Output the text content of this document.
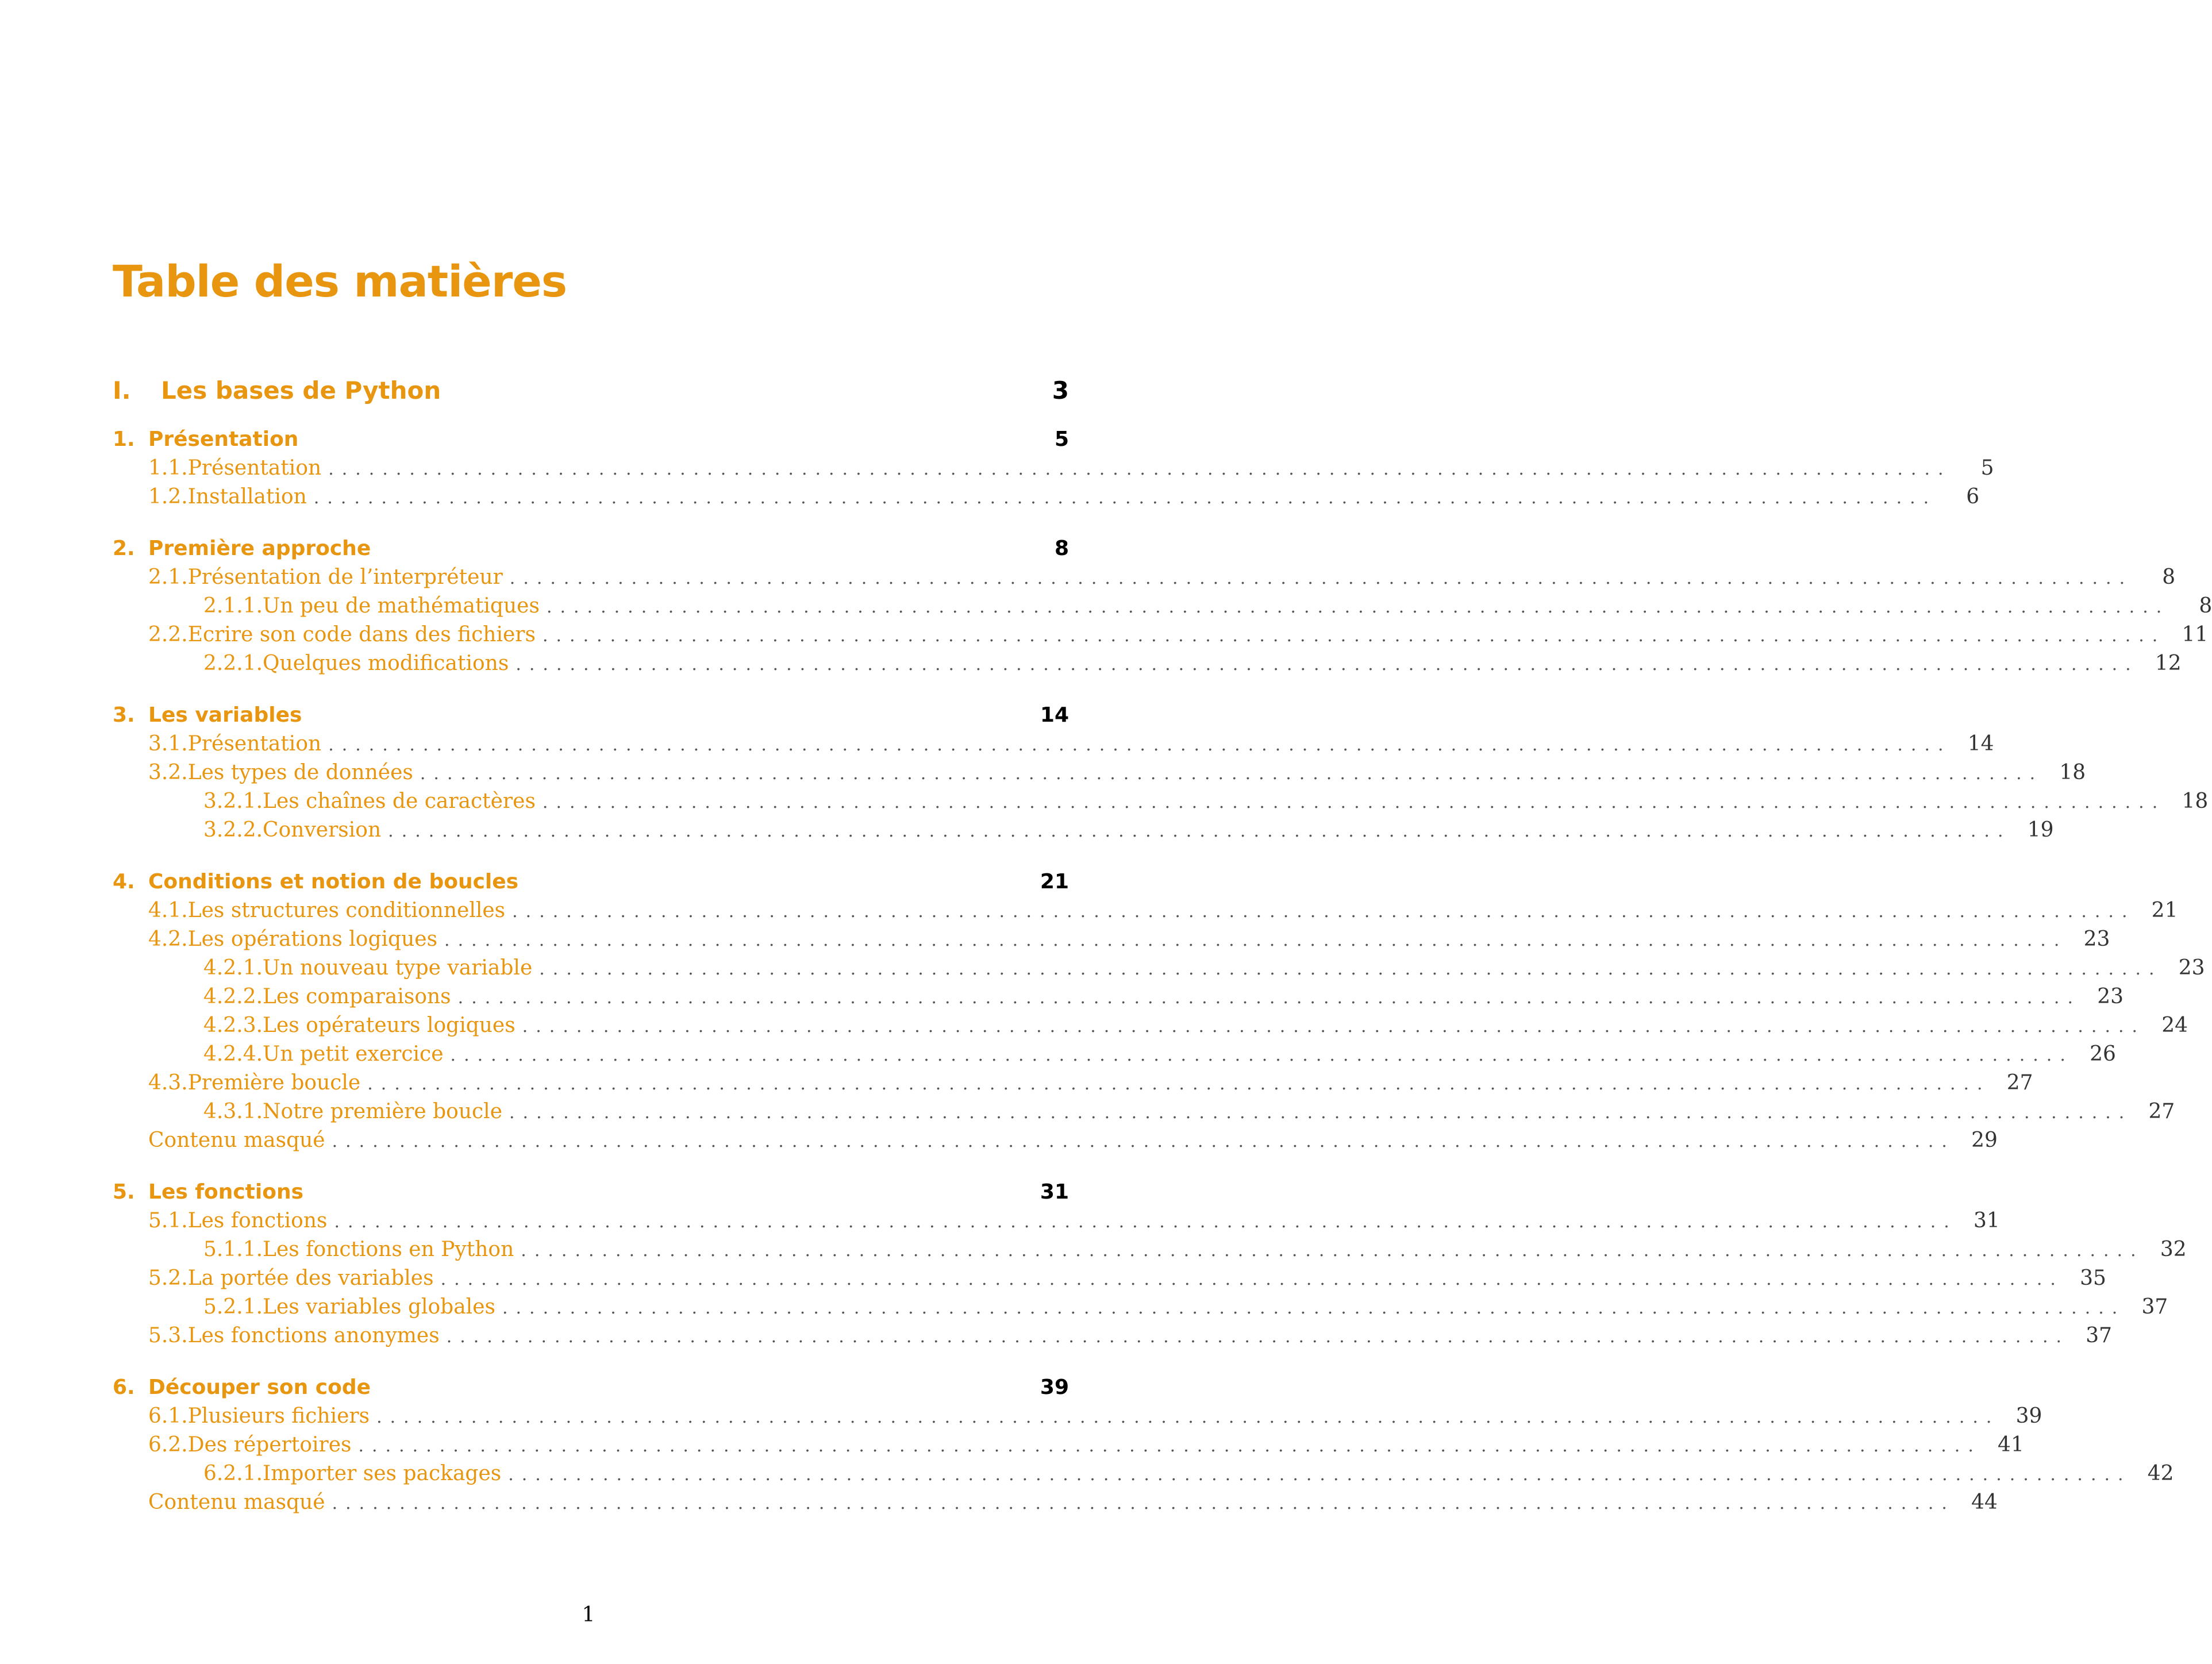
Table des matières
I. Les bases de Python	3
1. Présentation	5
1.1. Présentation ........................................................................................................................	5
1.2. Installation ........................................................................................................................	6
2. Première approche	8
2.1. Présentation de l’interpréteur ........................................................................................................................	8
2.1.1. Un peu de mathématiques ........................................................................................................................	8
2.2. Ecrire son code dans des fichiers ........................................................................................................................ 11
2.2.1. Quelques modifications ........................................................................................................................ 12
3. Les variables	14
3.1. Présentation ........................................................................................................................ 14
3.2. Les types de données ........................................................................................................................ 18
3.2.1. Les chaînes de caractères ........................................................................................................................ 18
3.2.2. Conversion ........................................................................................................................ 19
4. Conditions et notion de boucles	21
4.1. Les structures conditionnelles ........................................................................................................................ 21
4.2. Les opérations logiques ........................................................................................................................ 23
4.2.1. Un nouveau type variable ........................................................................................................................ 23
4.2.2. Les comparaisons ........................................................................................................................ 23
4.2.3. Les opérateurs logiques ........................................................................................................................ 24
4.2.4. Un petit exercice ........................................................................................................................ 26
4.3. Première boucle ........................................................................................................................ 27
4.3.1. Notre première boucle ........................................................................................................................ 27
Contenu masqué ........................................................................................................................ 29
5. Les fonctions	31
5.1. Les fonctions ........................................................................................................................ 31
5.1.1. Les fonctions en Python ........................................................................................................................ 32
5.2. La portée des variables ........................................................................................................................ 35
5.2.1. Les variables globales ........................................................................................................................ 37
5.3. Les fonctions anonymes ........................................................................................................................ 37
6. Découper son code	39
6.1. Plusieurs fichiers ........................................................................................................................ 39
6.2. Des répertoires ........................................................................................................................ 41
6.2.1. Importer ses packages ........................................................................................................................ 42
Contenu masqué ........................................................................................................................ 44
1
